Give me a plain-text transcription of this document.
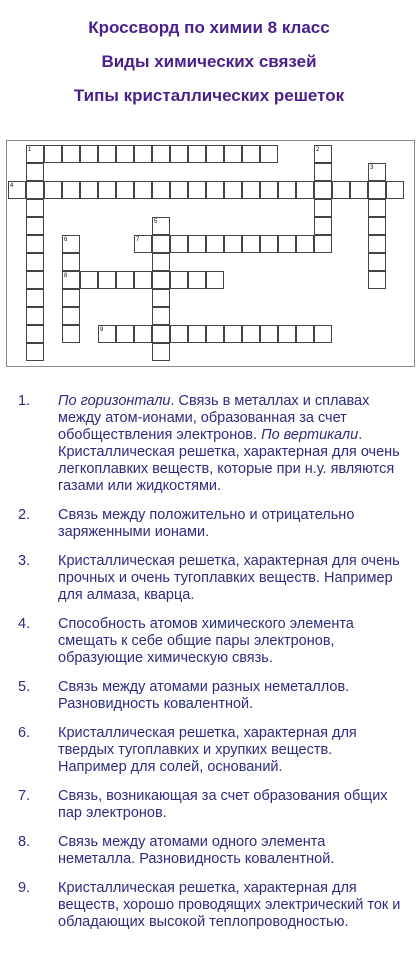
Кроссворд по химии 8 класс
Виды химических связей
Типы кристаллических решеток
1	2
3
4
5
6	7
8
9
1.	По горизонтали. Связь в металлах и сплавах между атом-ионами, образованная за счет обобществления электронов. По вертикали. Кристаллическая решетка, характерная для очень легкоплавких веществ, которые при н.у. являются газами или жидкостями.
2.	Связь между положительно и отрицательно заряженными ионами.
3.	Кристаллическая решетка, характерная для очень прочных и очень тугоплавких веществ. Например для алмаза, кварца.
4.	Способность атомов химического элемента смещать к себе общие пары электронов, образующие химическую связь.
5.	Связь между атомами разных неметаллов. Разновидность ковалентной.
6.	Кристаллическая решетка, характерная для твердых тугоплавких и хрупких веществ. Например для солей, оснований.
7.	Связь, возникающая за счет образования общих пар электронов.
8.	Связь между атомами одного элемента неметалла. Разновидность ковалентной.
9.	Кристаллическая решетка, характерная для веществ, хорошо проводящих электрический ток и обладающих высокой теплопроводностью.
